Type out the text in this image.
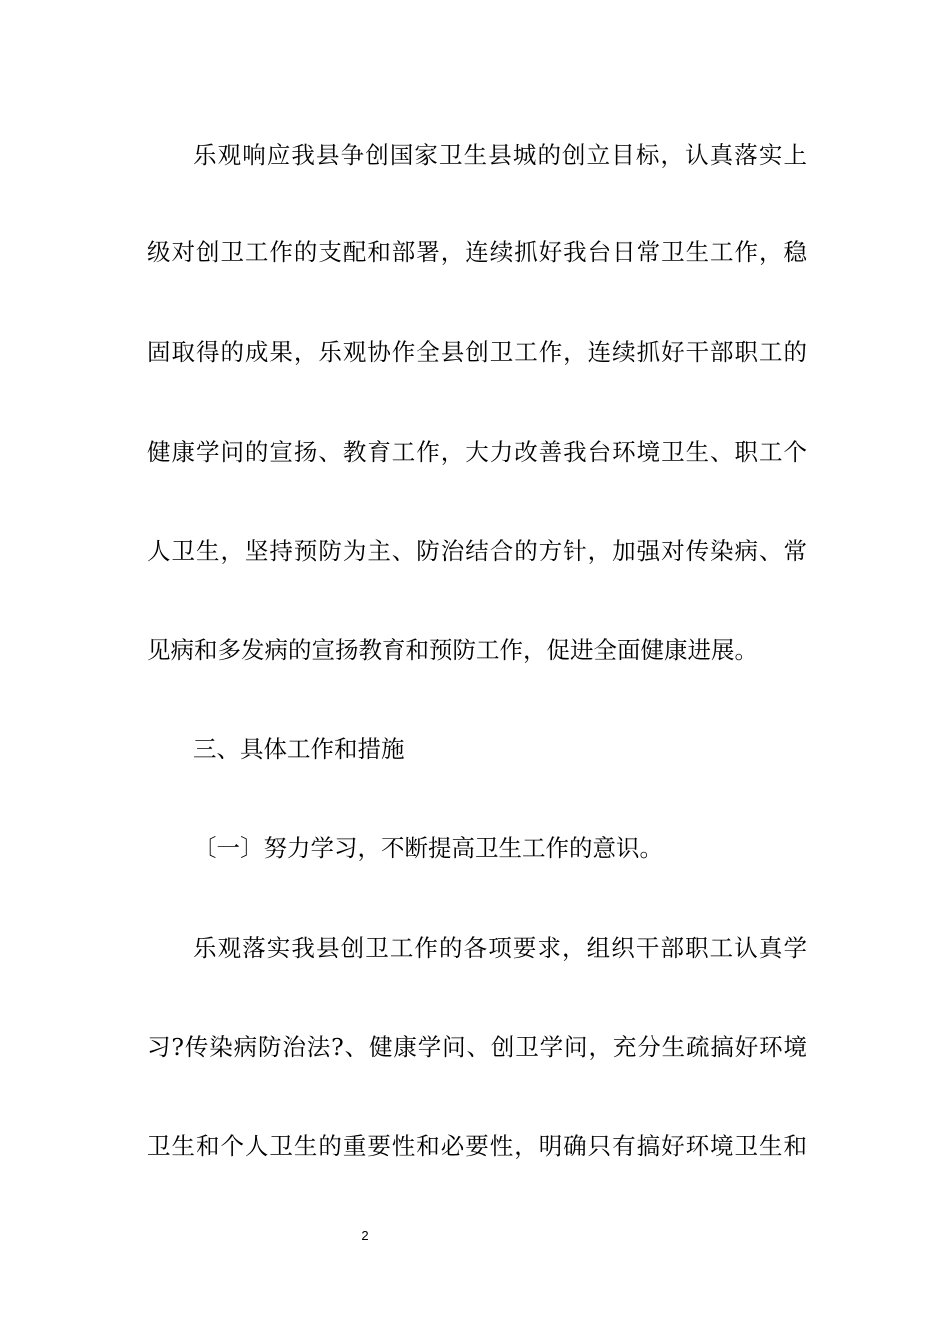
乐观响应我县争创国家卫生县城的创立目标，认真落实上
级对创卫工作的支配和部署，连续抓好我台日常卫生工作，稳
固取得的成果，乐观协作全县创卫工作，连续抓好干部职工的
健康学问的宣扬、教育工作，大力改善我台环境卫生、职工个
人卫生，坚持预防为主、防治结合的方针，加强对传染病、常
见病和多发病的宣扬教育和预防工作，促进全面健康进展。
三、具体工作和措施
〔一〕努力学习，不断提高卫生工作的意识。
乐观落实我县创卫工作的各项要求，组织干部职工认真学
习?传染病防治法?、健康学问、创卫学问，充分生疏搞好环境
卫生和个人卫生的重要性和必要性，明确只有搞好环境卫生和
2
